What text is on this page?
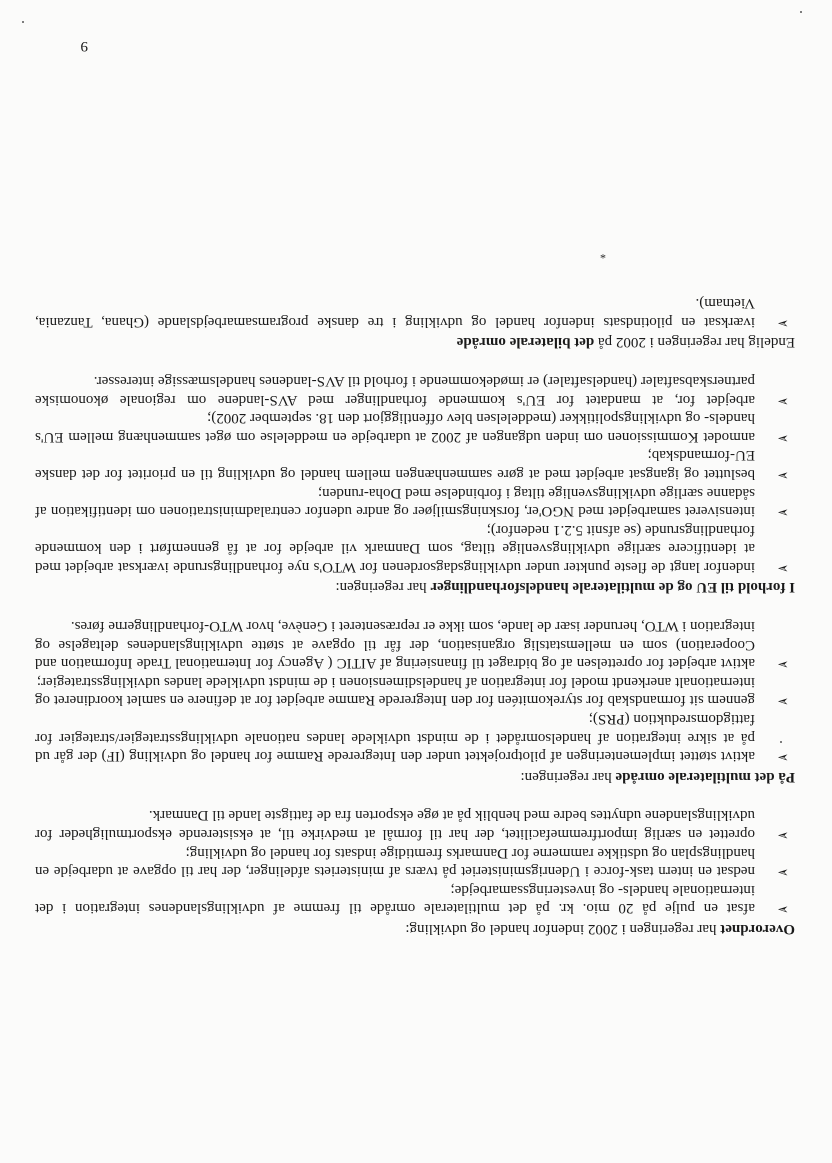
Overordnet har regeringen i 2002 indenfor handel og udvikling:

➢

afsat en pulje på 20 mio. kr. på det multilaterale område til fremme af udviklingslandenes integration i det internationale handels- og investeringssamarbejde;

➢

nedsat en intern task-force i Udenrigsministeriet på tværs af ministeriets afdelinger, der har til opgave at udarbejde en handlingsplan og udstikke rammerne for Danmarks fremtidige indsats for handel og udvikling;

➢

oprettet en særlig importfremmefacilitet, der har til formål at medvirke til, at eksisterende eksportmuligheder for udviklingslandene udnyttes bedre med henblik på at øge eksporten fra de fattigste lande til Danmark.

På det multilaterale område har regeringen:

➢

aktivt støttet implementeringen af pilotprojektet under den Integrerede Ramme for handel og udvikling (IF) der går ud på at sikre integration af handelsområdet i de mindst udviklede landes nationale udviklingsstrategier/strategier for fattigdomsreduktion (PRS);

➢

gennem sit formandskab for styrekomitéen for den Integrerede Ramme arbejdet for at definere en samlet koordineret og internationalt anerkendt model for integration af handelsdimensionen i de mindst udviklede landes udviklingsstrategier;

➢

aktivt arbejdet for oprettelsen af og bidraget til finansiering af AITIC ( Agency for International Trade Information and Cooperation) som en mellemstatslig organisation, der får til opgave at støtte udviklingslandenes deltagelse og integration i WTO, herunder især de lande, som ikke er repræsenteret i Genève, hvor WTO-forhandlingerne føres.

I forhold til EU og de multilaterale handelsforhandlinger har regeringen:

➢

indenfor langt de fleste punkter under udviklingsdagsordenen for WTO's nye forhandlingsrunde iværksat arbejdet med at identificere særlige udviklingsvenlige tiltag, som Danmark vil arbejde for at få gennemført i den kommende forhandlingsrunde (se afsnit 5.2.1 nedenfor);

➢

intensiveret samarbejdet med NGO'er, forskningsmiljøer og andre udenfor centraladministrationen om identifikation af sådanne særlige udviklingsvenlige tiltag i forbindelse med Doha-runden;

➢

besluttet og igangsat arbejdet med at gøre sammenhængen mellem handel og udvikling til en prioritet for det danske EU-formandskab;

➢

anmodet Kommissionen om inden udgangen af 2002 at udarbejde en meddelelse om øget sammenhæng mellem EU's handels- og udviklingspolitikker (meddelelsen blev offentliggjort den 18. september 2002);

➢

arbejdet for, at mandatet for EU's kommende forhandlinger med AVS-landene om regionale økonomiske partnerskabsaftaler (handelsaftaler) er imødekommende i forhold til AVS-landenes handelsmæssige interesser.

Endelig har regeringen i 2002 på det bilaterale område

➢

iværksat en pilotindsats indenfor handel og udvikling i tre danske programsamarbejdslande (Ghana, Tanzania, Vietnam).

*
9
